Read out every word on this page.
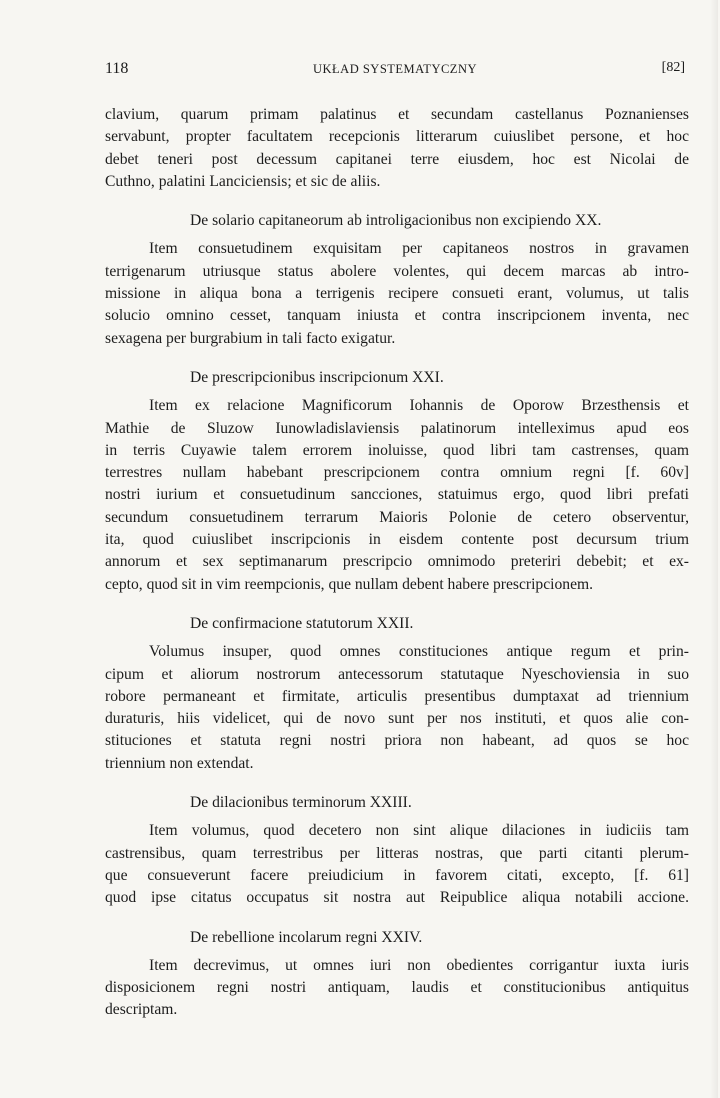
118	UKŁAD SYSTEMATYCZNY	[82]
clavium, quarum primam palatinus et secundam castellanus Poznanienses
servabunt, propter facultatem recepcionis litterarum cuiuslibet persone, et hoc
debet teneri post decessum capitanei terre eiusdem, hoc est Nicolai de
Cuthno, palatini Lanciciensis; et sic de aliis.
De solario capitaneorum ab introligacionibus non excipiendo XX.
Item consuetudinem exquisitam per capitaneos nostros in gravamen
terrigenarum utriusque status abolere volentes, qui decem marcas ab intro-
missione in aliqua bona a terrigenis recipere consueti erant, volumus, ut talis
solucio omnino cesset, tanquam iniusta et contra inscripcionem inventa, nec
sexagena per burgrabium in tali facto exigatur.
De prescripcionibus inscripcionum XXI.
Item ex relacione Magnificorum Iohannis de Oporow Brzesthensis et
Mathie de Sluzow Iunowladislaviensis palatinorum intelleximus apud eos
in terris Cuyawie talem errorem inoluisse, quod libri tam castrenses, quam
terrestres nullam habebant prescripcionem contra omnium regni [f. 60v]
nostri iurium et consuetudinum sancciones, statuimus ergo, quod libri prefati
secundum consuetudinem terrarum Maioris Polonie de cetero observentur,
ita, quod cuiuslibet inscripcionis in eisdem contente post decursum trium
annorum et sex septimanarum prescripcio omnimodo preteriri debebit; et ex-
cepto, quod sit in vim reempcionis, que nullam debent habere prescripcionem.
De confirmacione statutorum XXII.
Volumus insuper, quod omnes constituciones antique regum et prin-
cipum et aliorum nostrorum antecessorum statutaque Nyeschoviensia in suo
robore permaneant et firmitate, articulis presentibus dumptaxat ad triennium
duraturis, hiis videlicet, qui de novo sunt per nos instituti, et quos alie con-
stituciones et statuta regni nostri priora non habeant, ad quos se hoc
triennium non extendat.
De dilacionibus terminorum XXIII.
Item volumus, quod decetero non sint alique dilaciones in iudiciis tam
castrensibus, quam terrestribus per litteras nostras, que parti citanti plerum-
que consueverunt facere preiudicium in favorem citati, excepto, [f. 61]
quod ipse citatus occupatus sit nostra aut Reipublice aliqua notabili accione.
De rebellione incolarum regni XXIV.
Item decrevimus, ut omnes iuri non obedientes corrigantur iuxta iuris
disposicionem regni nostri antiquam, laudis et constitucionibus antiquitus
descriptam.
